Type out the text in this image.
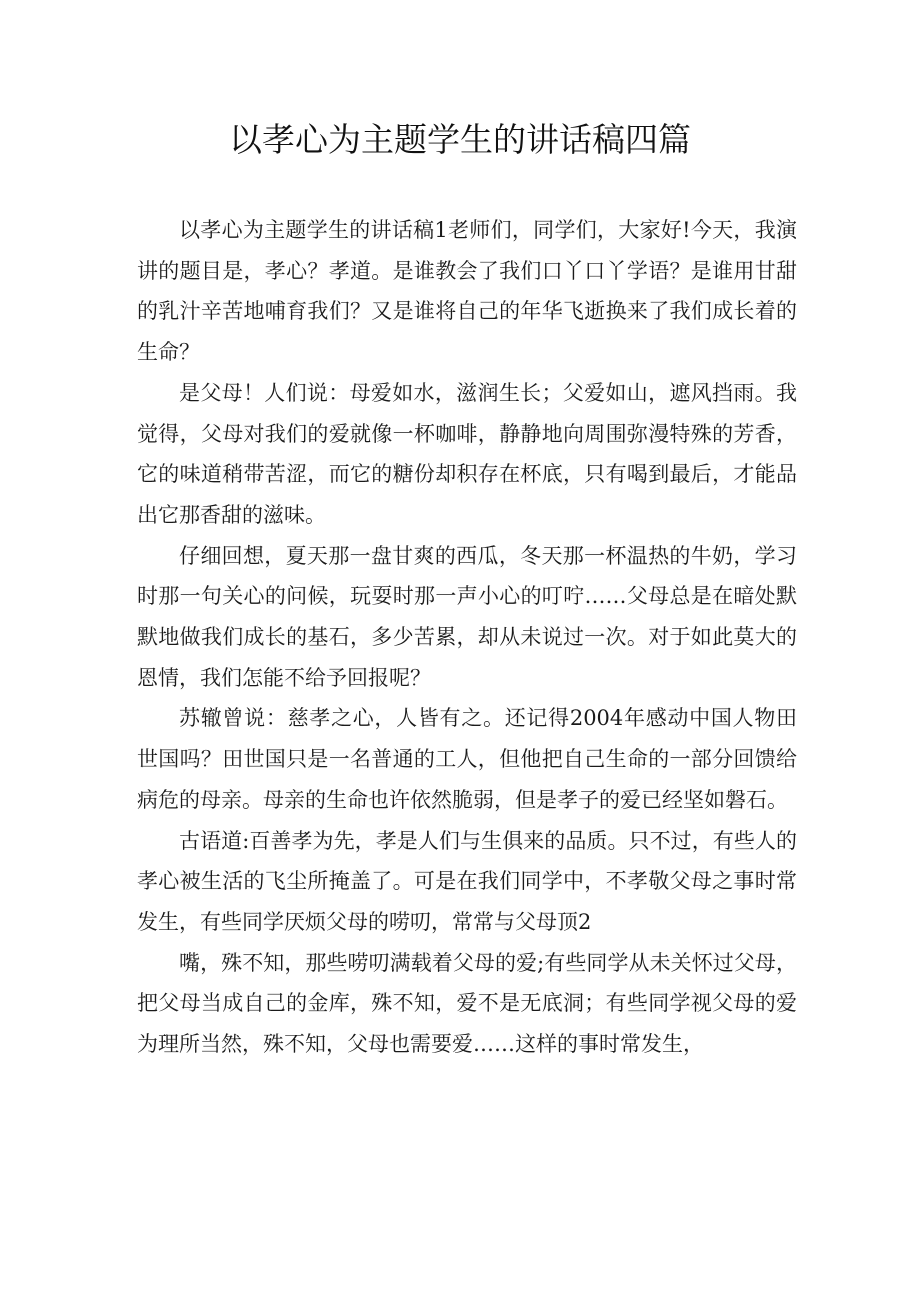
以孝心为主题学生的讲话稿四篇

以孝心为主题学生的讲话稿1老师们，同学们，大家好!今天，我演讲的题目是，孝心？孝道。是谁教会了我们口丫口丫学语？是谁用甘甜的乳汁辛苦地哺育我们？又是谁将自己的年华飞逝换来了我们成长着的生命？

是父母！人们说：母爱如水，滋润生长；父爱如山，遮风挡雨。我觉得，父母对我们的爱就像一杯咖啡，静静地向周围弥漫特殊的芳香，它的味道稍带苦涩，而它的糖份却积存在杯底，只有喝到最后，才能品出它那香甜的滋味。

仔细回想，夏天那一盘甘爽的西瓜，冬天那一杯温热的牛奶，学习时那一句关心的问候，玩耍时那一声小心的叮咛……父母总是在暗处默默地做我们成长的基石，多少苦累，却从未说过一次。对于如此莫大的恩情，我们怎能不给予回报呢？

苏辙曾说：慈孝之心，人皆有之。还记得2004年感动中国人物田世国吗？田世国只是一名普通的工人，但他把自己生命的一部分回馈给病危的母亲。母亲的生命也许依然脆弱，但是孝子的爱已经坚如磐石。

古语道:百善孝为先，孝是人们与生俱来的品质。只不过，有些人的孝心被生活的飞尘所掩盖了。可是在我们同学中，不孝敬父母之事时常发生，有些同学厌烦父母的唠叨，常常与父母顶2

嘴，殊不知，那些唠叨满载着父母的爱;有些同学从未关怀过父母，把父母当成自己的金库，殊不知，爱不是无底洞；有些同学视父母的爱为理所当然，殊不知，父母也需要爱……这样的事时常发生，
